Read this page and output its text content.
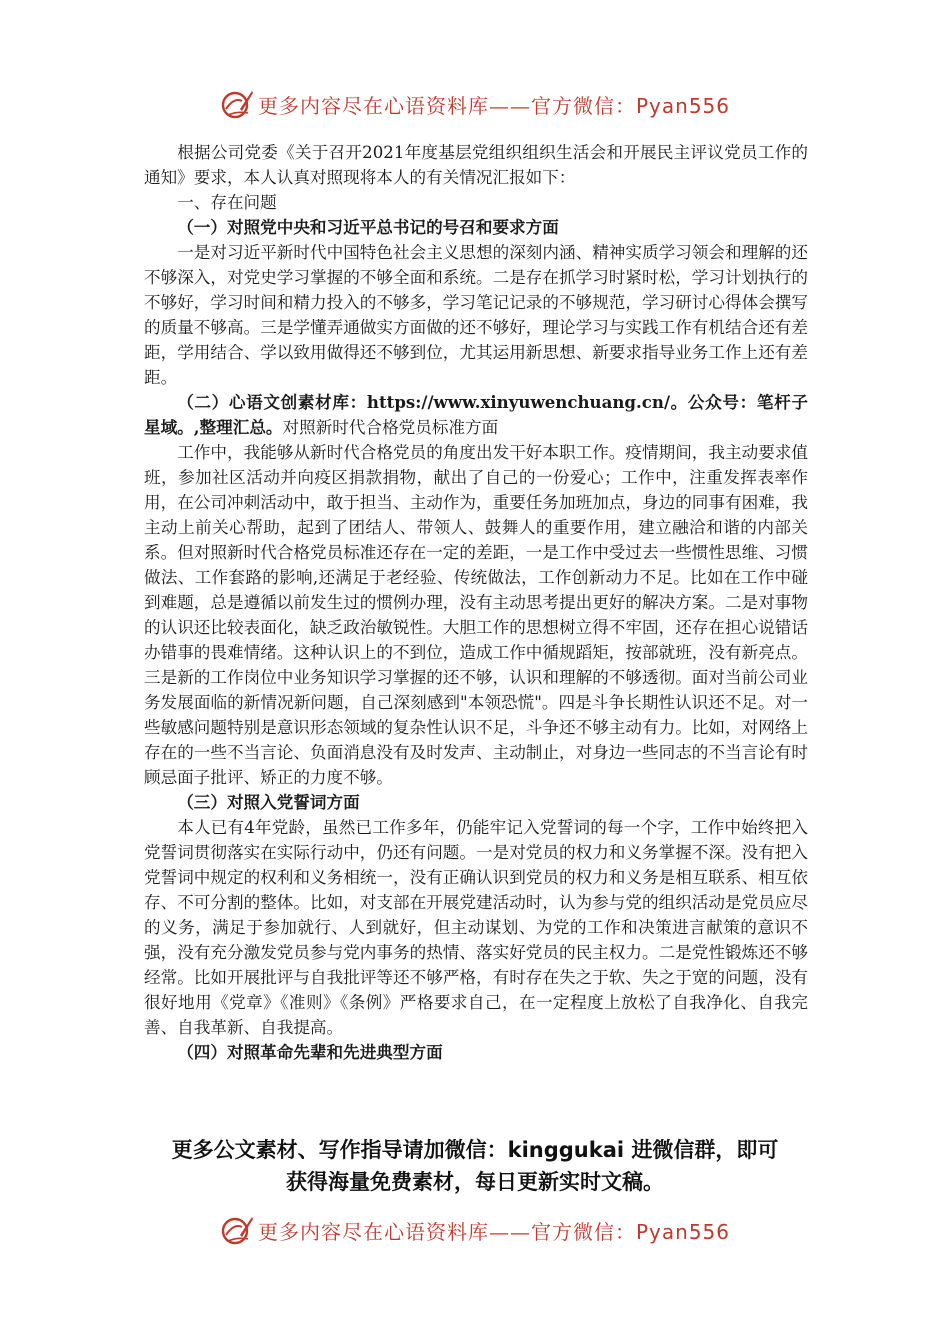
更多内容尽在心语资料库——官方微信：Pyan556

根据公司党委《关于召开2021年度基层党组织组织生活会和开展民主评议党员工作的通知》要求，本人认真对照现将本人的有关情况汇报如下：

一、存在问题

（一）对照党中央和习近平总书记的号召和要求方面

一是对习近平新时代中国特色社会主义思想的深刻内涵、精神实质学习领会和理解的还不够深入，对党史学习掌握的不够全面和系统。二是存在抓学习时紧时松，学习计划执行的不够好，学习时间和精力投入的不够多，学习笔记记录的不够规范，学习研讨心得体会撰写的质量不够高。三是学懂弄通做实方面做的还不够好，理论学习与实践工作有机结合还有差距，学用结合、学以致用做得还不够到位，尤其运用新思想、新要求指导业务工作上还有差距。

（二）心语文创素材库：https://www.xinyuwenchuang.cn/。公众号：笔杆子星域。,整理汇总。对照新时代合格党员标准方面

工作中，我能够从新时代合格党员的角度出发干好本职工作。疫情期间，我主动要求值班，参加社区活动并向疫区捐款捐物，献出了自己的一份爱心；工作中，注重发挥表率作用，在公司冲刺活动中，敢于担当、主动作为，重要任务加班加点，身边的同事有困难，我主动上前关心帮助，起到了团结人、带领人、鼓舞人的重要作用，建立融洽和谐的内部关系。但对照新时代合格党员标准还存在一定的差距，一是工作中受过去一些惯性思维、习惯做法、工作套路的影响,还满足于老经验、传统做法，工作创新动力不足。比如在工作中碰到难题，总是遵循以前发生过的惯例办理，没有主动思考提出更好的解决方案。二是对事物的认识还比较表面化，缺乏政治敏锐性。大胆工作的思想树立得不牢固，还存在担心说错话办错事的畏难情绪。这种认识上的不到位，造成工作中循规蹈矩，按部就班，没有新亮点。三是新的工作岗位中业务知识学习掌握的还不够，认识和理解的不够透彻。面对当前公司业务发展面临的新情况新问题，自己深刻感到"本领恐慌"。四是斗争长期性认识还不足。对一些敏感问题特别是意识形态领域的复杂性认识不足，斗争还不够主动有力。比如，对网络上存在的一些不当言论、负面消息没有及时发声、主动制止，对身边一些同志的不当言论有时顾忌面子批评、矫正的力度不够。

（三）对照入党誓词方面

本人已有4年党龄，虽然已工作多年，仍能牢记入党誓词的每一个字，工作中始终把入党誓词贯彻落实在实际行动中，仍还有问题。一是对党员的权力和义务掌握不深。没有把入党誓词中规定的权利和义务相统一，没有正确认识到党员的权力和义务是相互联系、相互依存、不可分割的整体。比如，对支部在开展党建活动时，认为参与党的组织活动是党员应尽的义务，满足于参加就行、人到就好，但主动谋划、为党的工作和决策进言献策的意识不强，没有充分激发党员参与党内事务的热情、落实好党员的民主权力。二是党性锻炼还不够经常。比如开展批评与自我批评等还不够严格，有时存在失之于软、失之于宽的问题，没有很好地用《党章》《准则》《条例》严格要求自己，在一定程度上放松了自我净化、自我完善、自我革新、自我提高。

（四）对照革命先辈和先进典型方面

更多公文素材、写作指导请加微信：kinggukai 进微信群，即可
获得海量免费素材，每日更新实时文稿。
更多内容尽在心语资料库——官方微信：Pyan556
